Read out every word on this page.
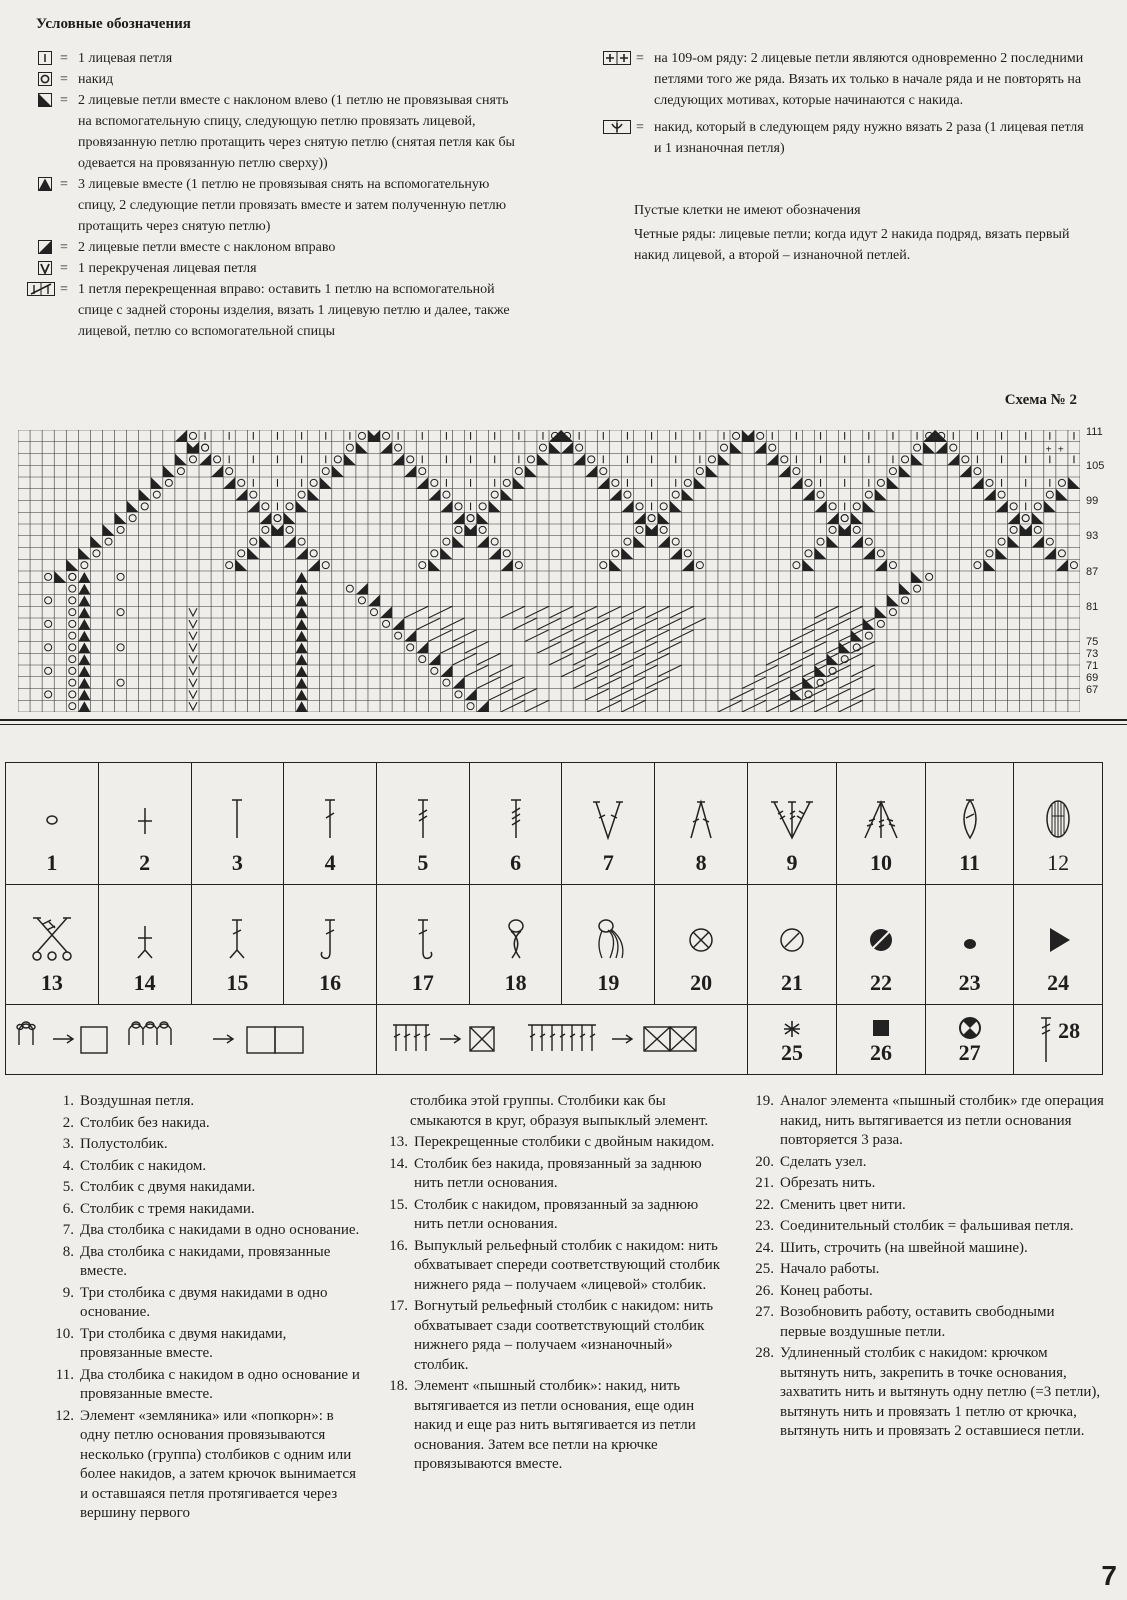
Условные обозначения
= 1 лицевая петля
= накид
= 2 лицевые петли вместе с наклоном влево (1 петлю не провязывая снять на вспомогательную спицу, следующую петлю провязать лицевой, провязанную петлю протащить через снятую петлю (снятая петля как бы одевается на провязанную петлю сверху))
= 3 лицевые вместе (1 петлю не провязывая снять на вспомогательную спицу, 2 следующие петли провязать вместе и затем полученную петлю протащить через снятую петлю)
= 2 лицевые петли вместе с наклоном вправо
= 1 перекрученая лицевая петля
= 1 петля перекрещенная вправо: оставить 1 петлю на вспомогательной спице с задней стороны изделия, вязать 1 лицевую петлю и далее, также лицевой, петлю со вспомогательной спицы
= на 109-ом ряду: 2 лицевые петли являются одновременно 2 последними петлями того же ряда. Вязать их только в начале ряда и не повторять на следующих мотивах, которые начинаются с накида.
= накид, который в следующем ряду нужно вязать 2 раза (1 лицевая петля и 1 изнаночная петля)
Пустые клетки не имеют обозначения
Четные ряды: лицевые петли; когда идут 2 накида подряд, вязать первый накид лицевой, а второй – изнаночной петлей.
Схема № 2
+ +
111
105
99
93
87
81
75
73
71
69
67
1	2	3	4	5	6	7	8	9	10	11	12

13	14	15	16	17	18	19	20	21	22	23	24

25	26	27	28
1. Воздушная петля.
2. Столбик без накида.
3. Полустолбик.
4. Столбик с накидом.
5. Столбик с двумя накидами.
6. Столбик с тремя накидами.
7. Два столбика с накидами в одно основание.
8. Два столбика с накидами, провязанные вместе.
9. Три столбика с двумя накидами в одно основание.
10. Три столбика с двумя накидами, провязанные вместе.
11. Два столбика с накидом в одно основание и провязанные вместе.
12. Элемент «земляника» или «попкорн»: в одну петлю основания провязываются несколько (группа) столбиков с одним или более накидов, а затем крючок вынимается и оставшаяся петля протягивается через вершину первого
столбика этой группы. Столбики как бы смыкаются в круг, образуя выпыклый элемент.
13. Перекрещенные столбики с двойным накидом.
14. Столбик без накида, провязанный за заднюю нить петли основания.
15. Столбик с накидом, провязанный за заднюю нить петли основания.
16. Выпуклый рельефный столбик с накидом: нить обхватывает спереди соответствующий столбик нижнего ряда – получаем «лицевой» столбик.
17. Вогнутый рельефный столбик с накидом: нить обхватывает сзади соответствующий столбик нижнего ряда – получаем «изнаночный» столбик.
18. Элемент «пышный столбик»: накид, нить вытягивается из петли основания, еще один накид и еще раз нить вытягивается из петли основания. Затем все петли на крючке провязываются вместе.
19. Аналог элемента «пышный столбик» где операция накид, нить вытягивается из петли основания повторяется 3 раза.
20. Сделать узел.
21. Обрезать нить.
22. Сменить цвет нити.
23. Соединительный столбик = фальшивая петля.
24. Шить, строчить (на швейной машине).
25. Начало работы.
26. Конец работы.
27. Возобновить работу, оставить свободными первые воздушные петли.
28. Удлиненный столбик с накидом: крючком вытянуть нить, закрепить в точке основания, захватить нить и вытянуть одну петлю (=3 петли), вытянуть нить и провязать 1 петлю от крючка, вытянуть нить и провязать 2 оставшиеся петли.
7
